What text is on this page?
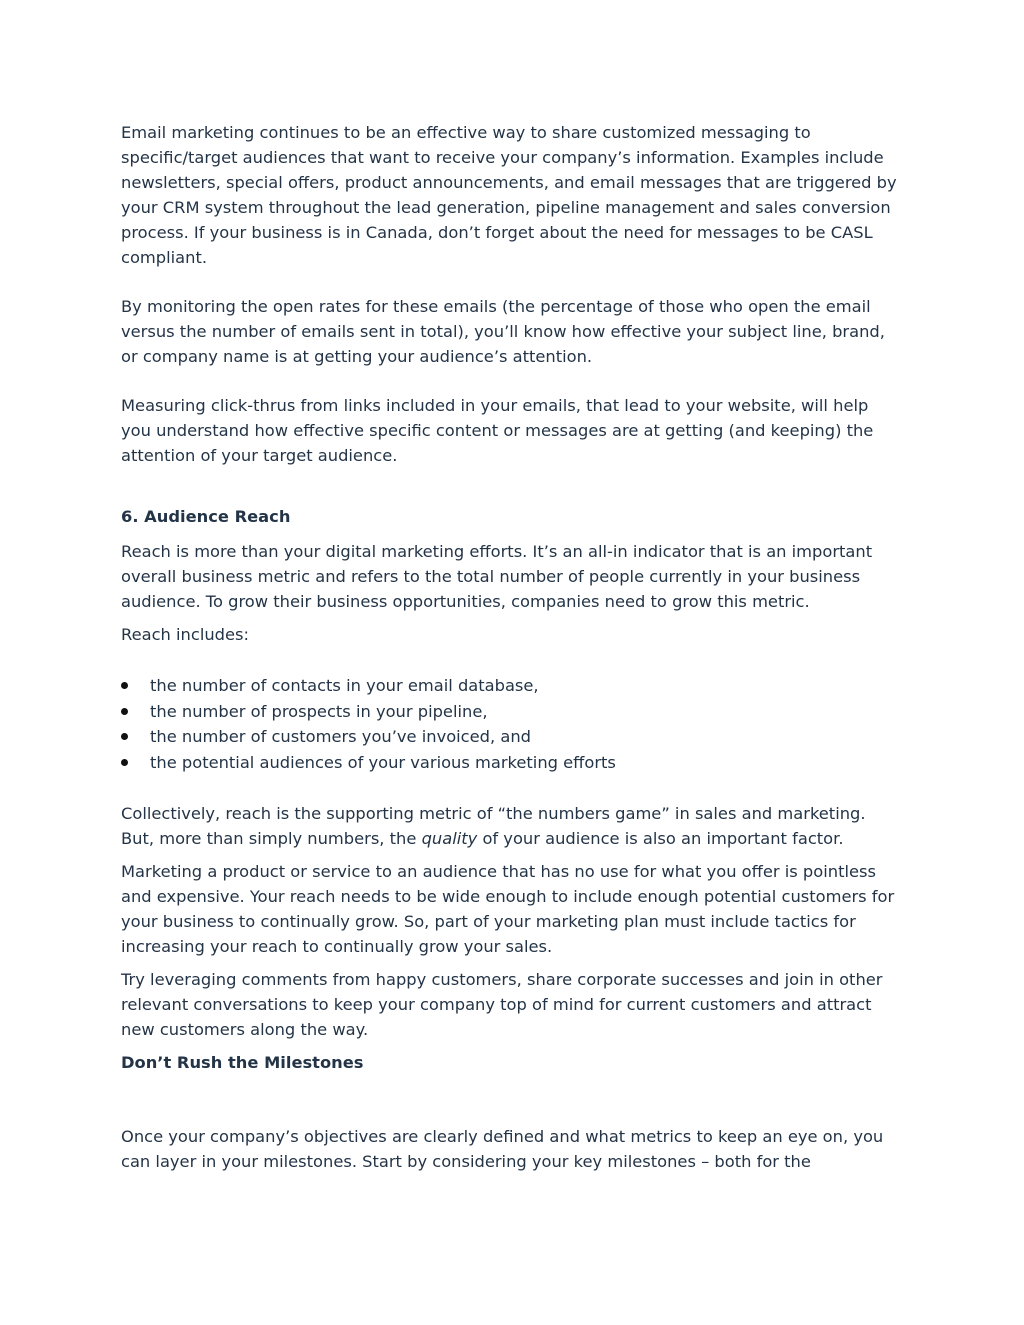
Email marketing continues to be an effective way to share customized messaging to specific/target audiences that want to receive your company’s information. Examples include newsletters, special offers, product announcements, and email messages that are triggered by your CRM system throughout the lead generation, pipeline management and sales conversion process. If your business is in Canada, don’t forget about the need for messages to be CASL compliant.

By monitoring the open rates for these emails (the percentage of those who open the email versus the number of emails sent in total), you’ll know how effective your subject line, brand, or company name is at getting your audience’s attention.

Measuring click-thrus from links included in your emails, that lead to your website, will help you understand how effective specific content or messages are at getting (and keeping) the attention of your target audience.

6. Audience Reach

Reach is more than your digital marketing efforts. It’s an all-in indicator that is an important overall business metric and refers to the total number of people currently in your business audience. To grow their business opportunities, companies need to grow this metric.

Reach includes:

the number of contacts in your email database,
the number of prospects in your pipeline,
the number of customers you’ve invoiced, and
the potential audiences of your various marketing efforts

Collectively, reach is the supporting metric of “the numbers game” in sales and marketing. But, more than simply numbers, the quality of your audience is also an important factor.

Marketing a product or service to an audience that has no use for what you offer is pointless and expensive. Your reach needs to be wide enough to include enough potential customers for your business to continually grow. So, part of your marketing plan must include tactics for increasing your reach to continually grow your sales.

Try leveraging comments from happy customers, share corporate successes and join in other relevant conversations to keep your company top of mind for current customers and attract new customers along the way.

Don’t Rush the Milestones

Once your company’s objectives are clearly defined and what metrics to keep an eye on, you can layer in your milestones. Start by considering your key milestones – both for the
